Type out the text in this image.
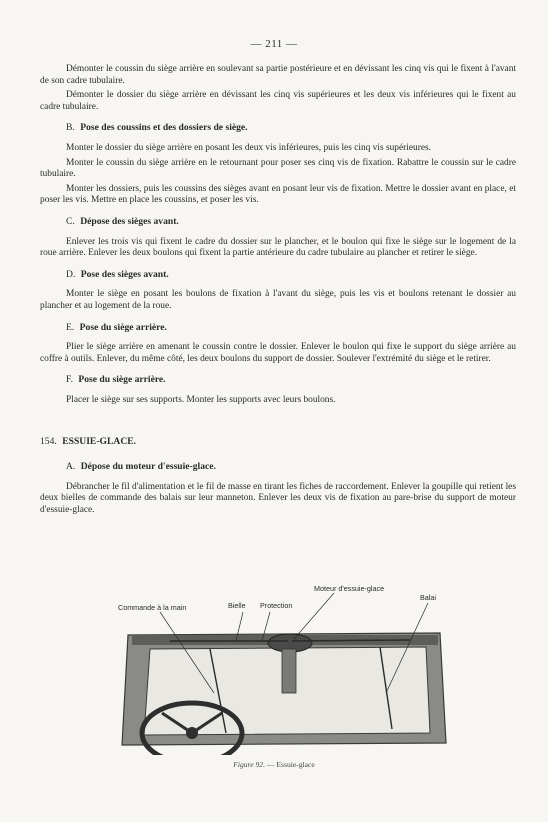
— 211 —

Démonter le coussin du siège arrière en soulevant sa partie postérieure et en dévissant les cinq vis qui le fixent à l'avant de son cadre tubulaire.

Démonter le dossier du siège arrière en dévissant les cinq vis supérieures et les deux vis inférieures qui le fixent au cadre tubulaire.

B. Pose des coussins et des dossiers de siège.

Monter le dossier du siège arrière en posant les deux vis inférieures, puis les cinq vis supérieures.

Monter le coussin du siège arrière en le retournant pour poser ses cinq vis de fixation. Rabattre le coussin sur le cadre tubulaire.

Monter les dossiers, puis les coussins des sièges avant en posant leur vis de fixation. Mettre le dossier avant en place, et poser les vis. Mettre en place les coussins, et poser les vis.

C. Dépose des sièges avant.

Enlever les trois vis qui fixent le cadre du dossier sur le plancher, et le boulon qui fixe le siège sur le logement de la roue arrière. Enlever les deux boulons qui fixent la partie antérieure du cadre tubulaire au plancher et retirer le siège.

D. Pose des sièges avant.

Monter le siège en posant les boulons de fixation à l'avant du siège, puis les vis et boulons retenant le dossier au plancher et au logement de la roue.

E. Pose du siège arrière.

Plier le siège arrière en amenant le coussin contre le dossier. Enlever le boulon qui fixe le support du siège arrière au coffre à outils. Enlever, du même côté, les deux boulons du support de dossier. Soulever l'extrémité du siège et le retirer.

F. Pose du siège arrière.

Placer le siège sur ses supports. Monter les supports avec leurs boulons.

154. ESSUIE-GLACE.
A. Dépose du moteur d'essuie-glace.

Débrancher le fil d'alimentation et le fil de masse en tirant les fiches de raccordement. Enlever la goupille qui retient les deux bielles de commande des balais sur leur manneton. Enlever les deux vis de fixation au pare-brise du support de moteur d'essuie-glace.

Commande à la main	Bielle Protection
Moteur d'essuie-glace
Balai
Figure 92. — Essuie-glace
